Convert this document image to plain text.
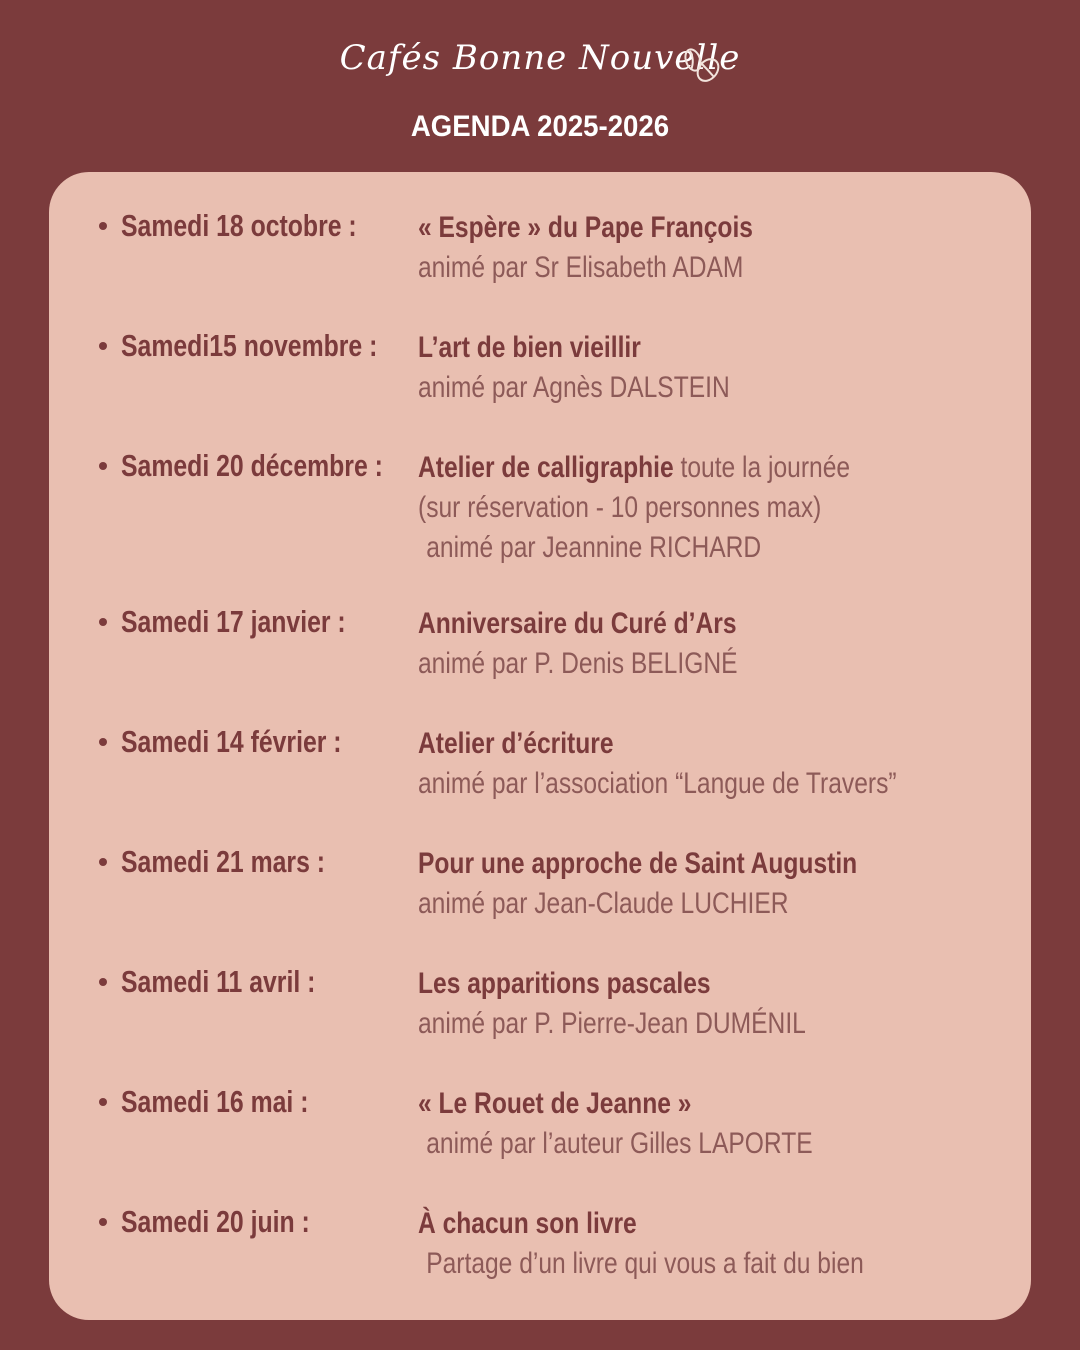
Cafés Bonne Nouvelle
AGENDA 2025-2026
Samedi 18 octobre : « Espère » du Pape François
animé par Sr Elisabeth ADAM
Samedi15 novembre : L’art de bien vieillir
animé par Agnès DALSTEIN
Samedi 20 décembre : Atelier de calligraphie toute la journée
(sur réservation - 10 personnes max)
animé par Jeannine RICHARD
Samedi 17 janvier : Anniversaire du Curé d’Ars
animé par P. Denis BELIGNÉ
Samedi 14 février :	Atelier d’écriture
animé par l’association “Langue de Travers”
Samedi 21 mars :	Pour une approche de Saint Augustin
animé par Jean-Claude LUCHIER
Samedi 11 avril :	Les apparitions pascales
animé par P. Pierre-Jean DUMÉNIL
Samedi 16 mai :	« Le Rouet de Jeanne »
animé par l’auteur Gilles LAPORTE
Samedi 20 juin :	À chacun son livre
Partage d’un livre qui vous a fait du bien
